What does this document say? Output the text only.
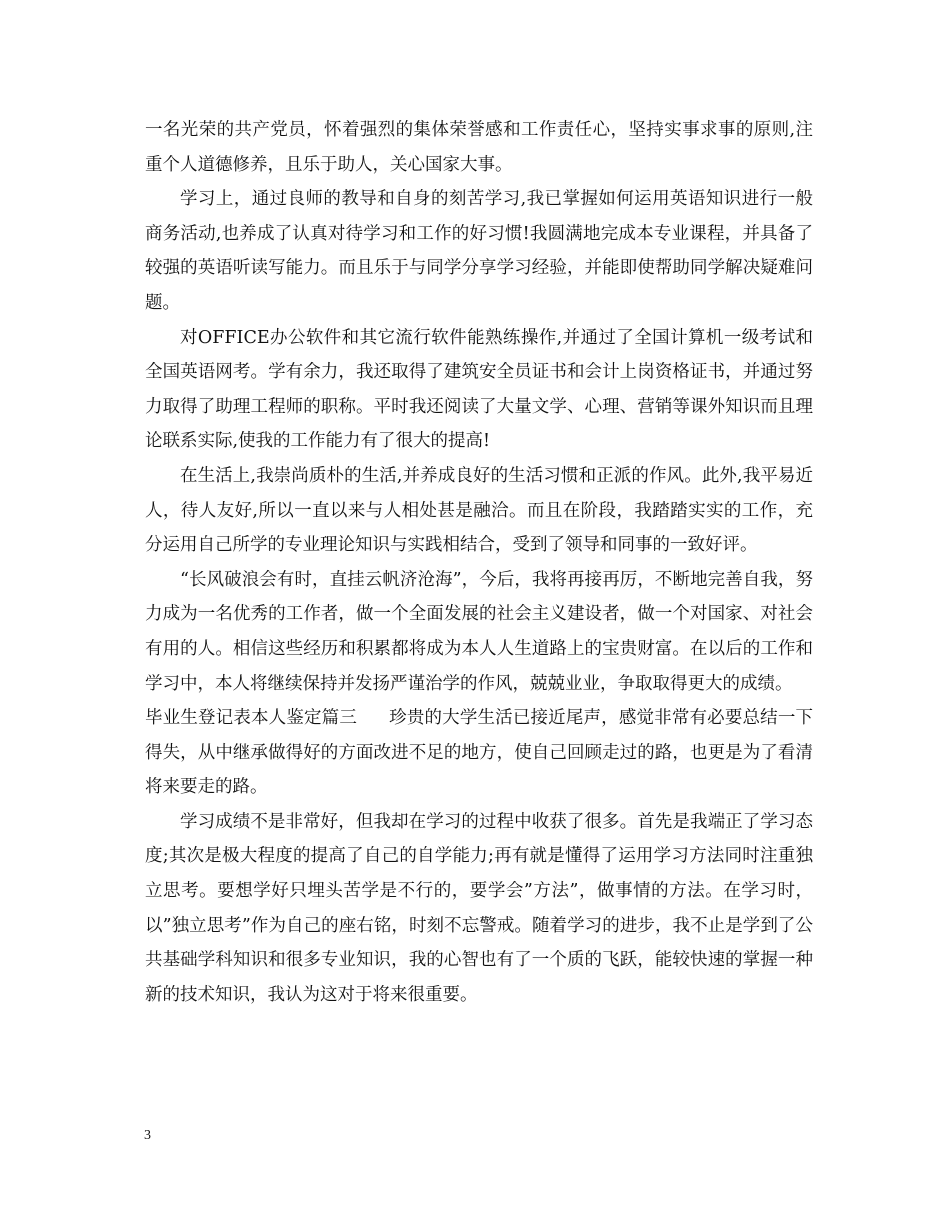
一名光荣的共产党员，怀着强烈的集体荣誉感和工作责任心，坚持实事求事的原则,注重个人道德修养，且乐于助人，关心国家大事。

学习上，通过良师的教导和自身的刻苦学习,我已掌握如何运用英语知识进行一般商务活动,也养成了认真对待学习和工作的好习惯!我圆满地完成本专业课程，并具备了较强的英语听读写能力。而且乐于与同学分享学习经验，并能即使帮助同学解决疑难问题。

对OFFICE办公软件和其它流行软件能熟练操作,并通过了全国计算机一级考试和全国英语网考。学有余力，我还取得了建筑安全员证书和会计上岗资格证书，并通过努力取得了助理工程师的职称。平时我还阅读了大量文学、心理、营销等课外知识而且理论联系实际,使我的工作能力有了很大的提高!

在生活上,我崇尚质朴的生活,并养成良好的生活习惯和正派的作风。此外,我平易近人，待人友好,所以一直以来与人相处甚是融洽。而且在阶段，我踏踏实实的工作，充分运用自己所学的专业理论知识与实践相结合，受到了领导和同事的一致好评。

“长风破浪会有时，直挂云帆济沧海”，今后，我将再接再厉，不断地完善自我，努力成为一名优秀的工作者，做一个全面发展的社会主义建设者，做一个对国家、对社会有用的人。相信这些经历和积累都将成为本人人生道路上的宝贵财富。在以后的工作和学习中，本人将继续保持并发扬严谨治学的作风，兢兢业业，争取取得更大的成绩。

毕业生登记表本人鉴定篇三 珍贵的大学生活已接近尾声，感觉非常有必要总结一下得失，从中继承做得好的方面改进不足的地方，使自己回顾走过的路，也更是为了看清将来要走的路。

学习成绩不是非常好，但我却在学习的过程中收获了很多。首先是我端正了学习态度;其次是极大程度的提高了自己的自学能力;再有就是懂得了运用学习方法同时注重独立思考。要想学好只埋头苦学是不行的，要学会”方法”，做事情的方法。在学习时，以”独立思考”作为自己的座右铭，时刻不忘警戒。随着学习的进步，我不止是学到了公共基础学科知识和很多专业知识，我的心智也有了一个质的飞跃，能较快速的掌握一种新的技术知识，我认为这对于将来很重要。

3
